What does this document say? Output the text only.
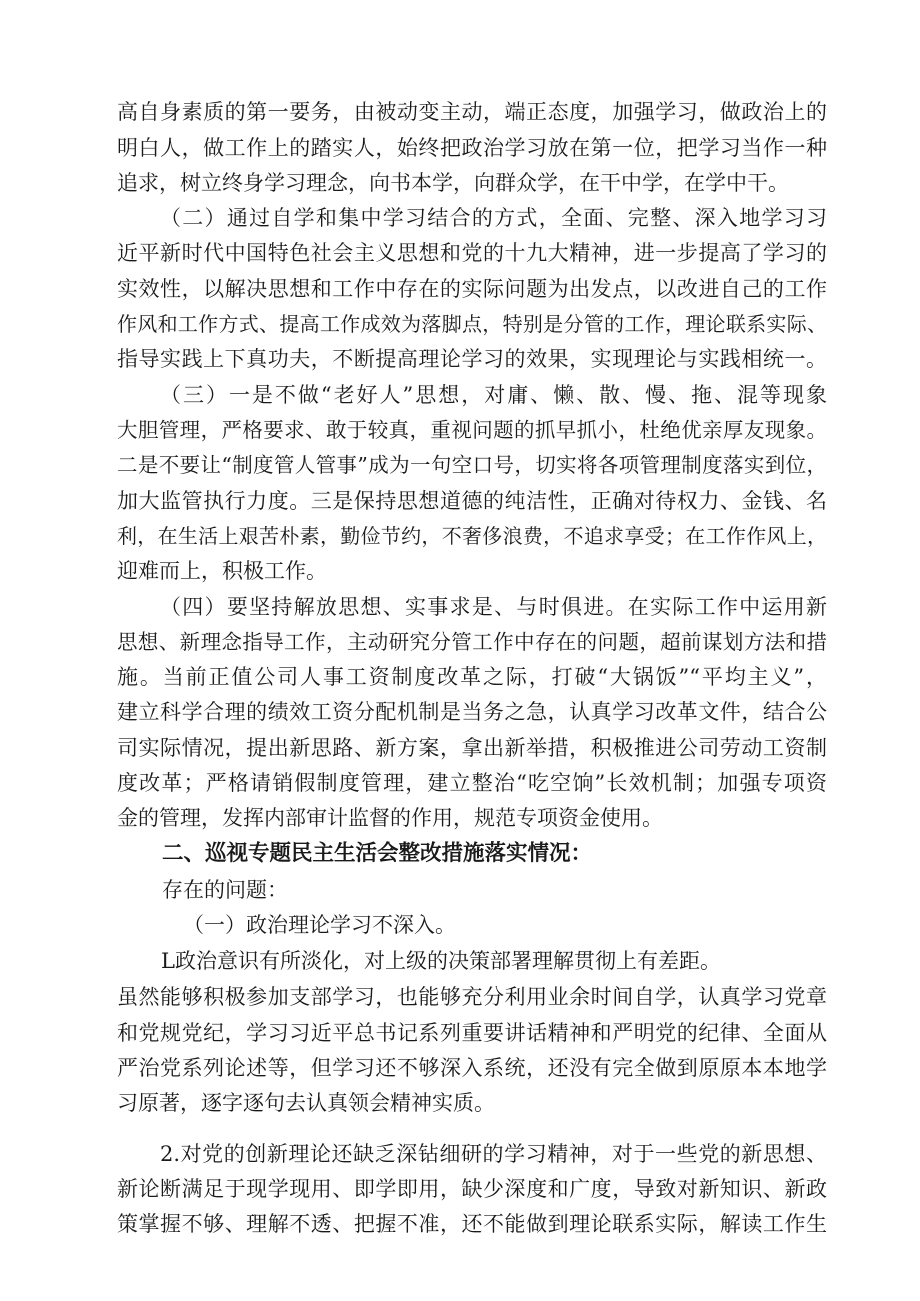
高自身素质的第一要务，由被动变主动，端正态度，加强学习，做政治上的
明白人，做工作上的踏实人，始终把政治学习放在第一位，把学习当作一种
追求，树立终身学习理念，向书本学，向群众学，在干中学，在学中干。
（二）通过自学和集中学习结合的方式，全面、完整、深入地学习习
近平新时代中国特色社会主义思想和党的十九大精神，进一步提高了学习的
实效性，以解决思想和工作中存在的实际问题为出发点，以改进自己的工作
作风和工作方式、提高工作成效为落脚点，特别是分管的工作，理论联系实际、
指导实践上下真功夫，不断提高理论学习的效果，实现理论与实践相统一。
（三）一是不做“老好人”思想，对庸、懒、散、慢、拖、混等现象
大胆管理，严格要求、敢于较真，重视问题的抓早抓小，杜绝优亲厚友现象。
二是不要让“制度管人管事”成为一句空口号，切实将各项管理制度落实到位，
加大监管执行力度。三是保持思想道德的纯洁性，正确对待权力、金钱、名
利，在生活上艰苦朴素，勤俭节约，不奢侈浪费，不追求享受；在工作作风上，
迎难而上，积极工作。
（四）要坚持解放思想、实事求是、与时俱进。在实际工作中运用新
思想、新理念指导工作，主动研究分管工作中存在的问题，超前谋划方法和措
施。当前正值公司人事工资制度改革之际，打破“大锅饭”“平均主义”，
建立科学合理的绩效工资分配机制是当务之急，认真学习改革文件，结合公
司实际情况，提出新思路、新方案，拿出新举措，积极推进公司劳动工资制
度改革；严格请销假制度管理，建立整治“吃空饷”长效机制；加强专项资
金的管理，发挥内部审计监督的作用，规范专项资金使用。
二、巡视专题民主生活会整改措施落实情况：
存在的问题：
（一）政治理论学习不深入。
L政治意识有所淡化，对上级的决策部署理解贯彻上有差距。
虽然能够积极参加支部学习，也能够充分利用业余时间自学，认真学习党章
和党规党纪，学习习近平总书记系列重要讲话精神和严明党的纪律、全面从
严治党系列论述等，但学习还不够深入系统，还没有完全做到原原本本地学
习原著，逐字逐句去认真领会精神实质。
2.对党的创新理论还缺乏深钻细研的学习精神，对于一些党的新思想、
新论断满足于现学现用、即学即用，缺少深度和广度，导致对新知识、新政
策掌握不够、理解不透、把握不准，还不能做到理论联系实际，解读工作生
